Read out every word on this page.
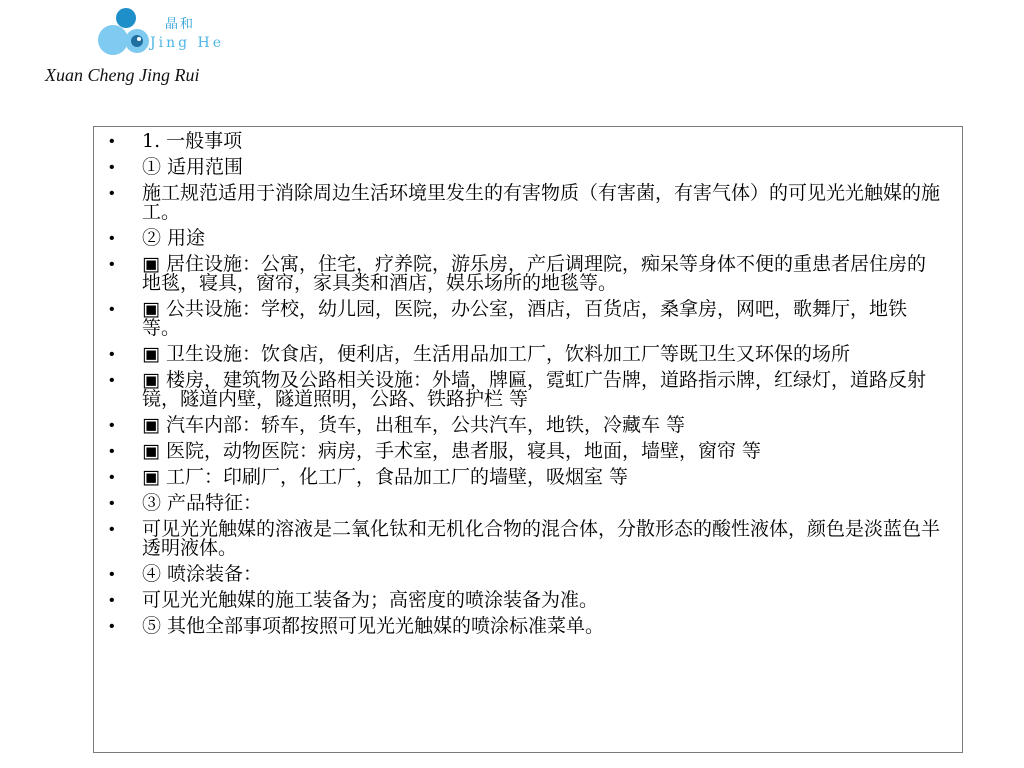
晶和
Jing He
Xuan Cheng Jing Rui
• 1. 一般事项
• ① 适用范围
• 施工规范适用于消除周边生活环境里发生的有害物质（有害菌，有害气体）的可见光光触媒的施工。
• ② 用途
• ▣ 居住设施：公寓，住宅，疗养院，游乐房，产后调理院，痴呆等身体不便的重患者居住房的地毯，寝具，窗帘，家具类和酒店，娱乐场所的地毯等。
• ▣ 公共设施：学校，幼儿园，医院，办公室，酒店，百货店，桑拿房，网吧，歌舞厅，地铁等。
• ▣ 卫生设施：饮食店，便利店，生活用品加工厂，饮料加工厂等既卫生又环保的场所
• ▣ 楼房，建筑物及公路相关设施：外墙，牌匾，霓虹广告牌，道路指示牌，红绿灯，道路反射镜，隧道内壁，隧道照明，公路、铁路护栏 等
• ▣ 汽车内部：轿车，货车，出租车，公共汽车，地铁，冷藏车 等
• ▣ 医院，动物医院：病房，手术室，患者服，寝具，地面，墙壁，窗帘 等
• ▣ 工厂：印刷厂，化工厂，食品加工厂的墙壁，吸烟室 等
• ③ 产品特征：
• 可见光光触媒的溶液是二氧化钛和无机化合物的混合体，分散形态的酸性液体，颜色是淡蓝色半透明液体。
• ④ 喷涂装备：
• 可见光光触媒的施工装备为；高密度的喷涂装备为准。
• ⑤ 其他全部事项都按照可见光光触媒的喷涂标准菜单。
